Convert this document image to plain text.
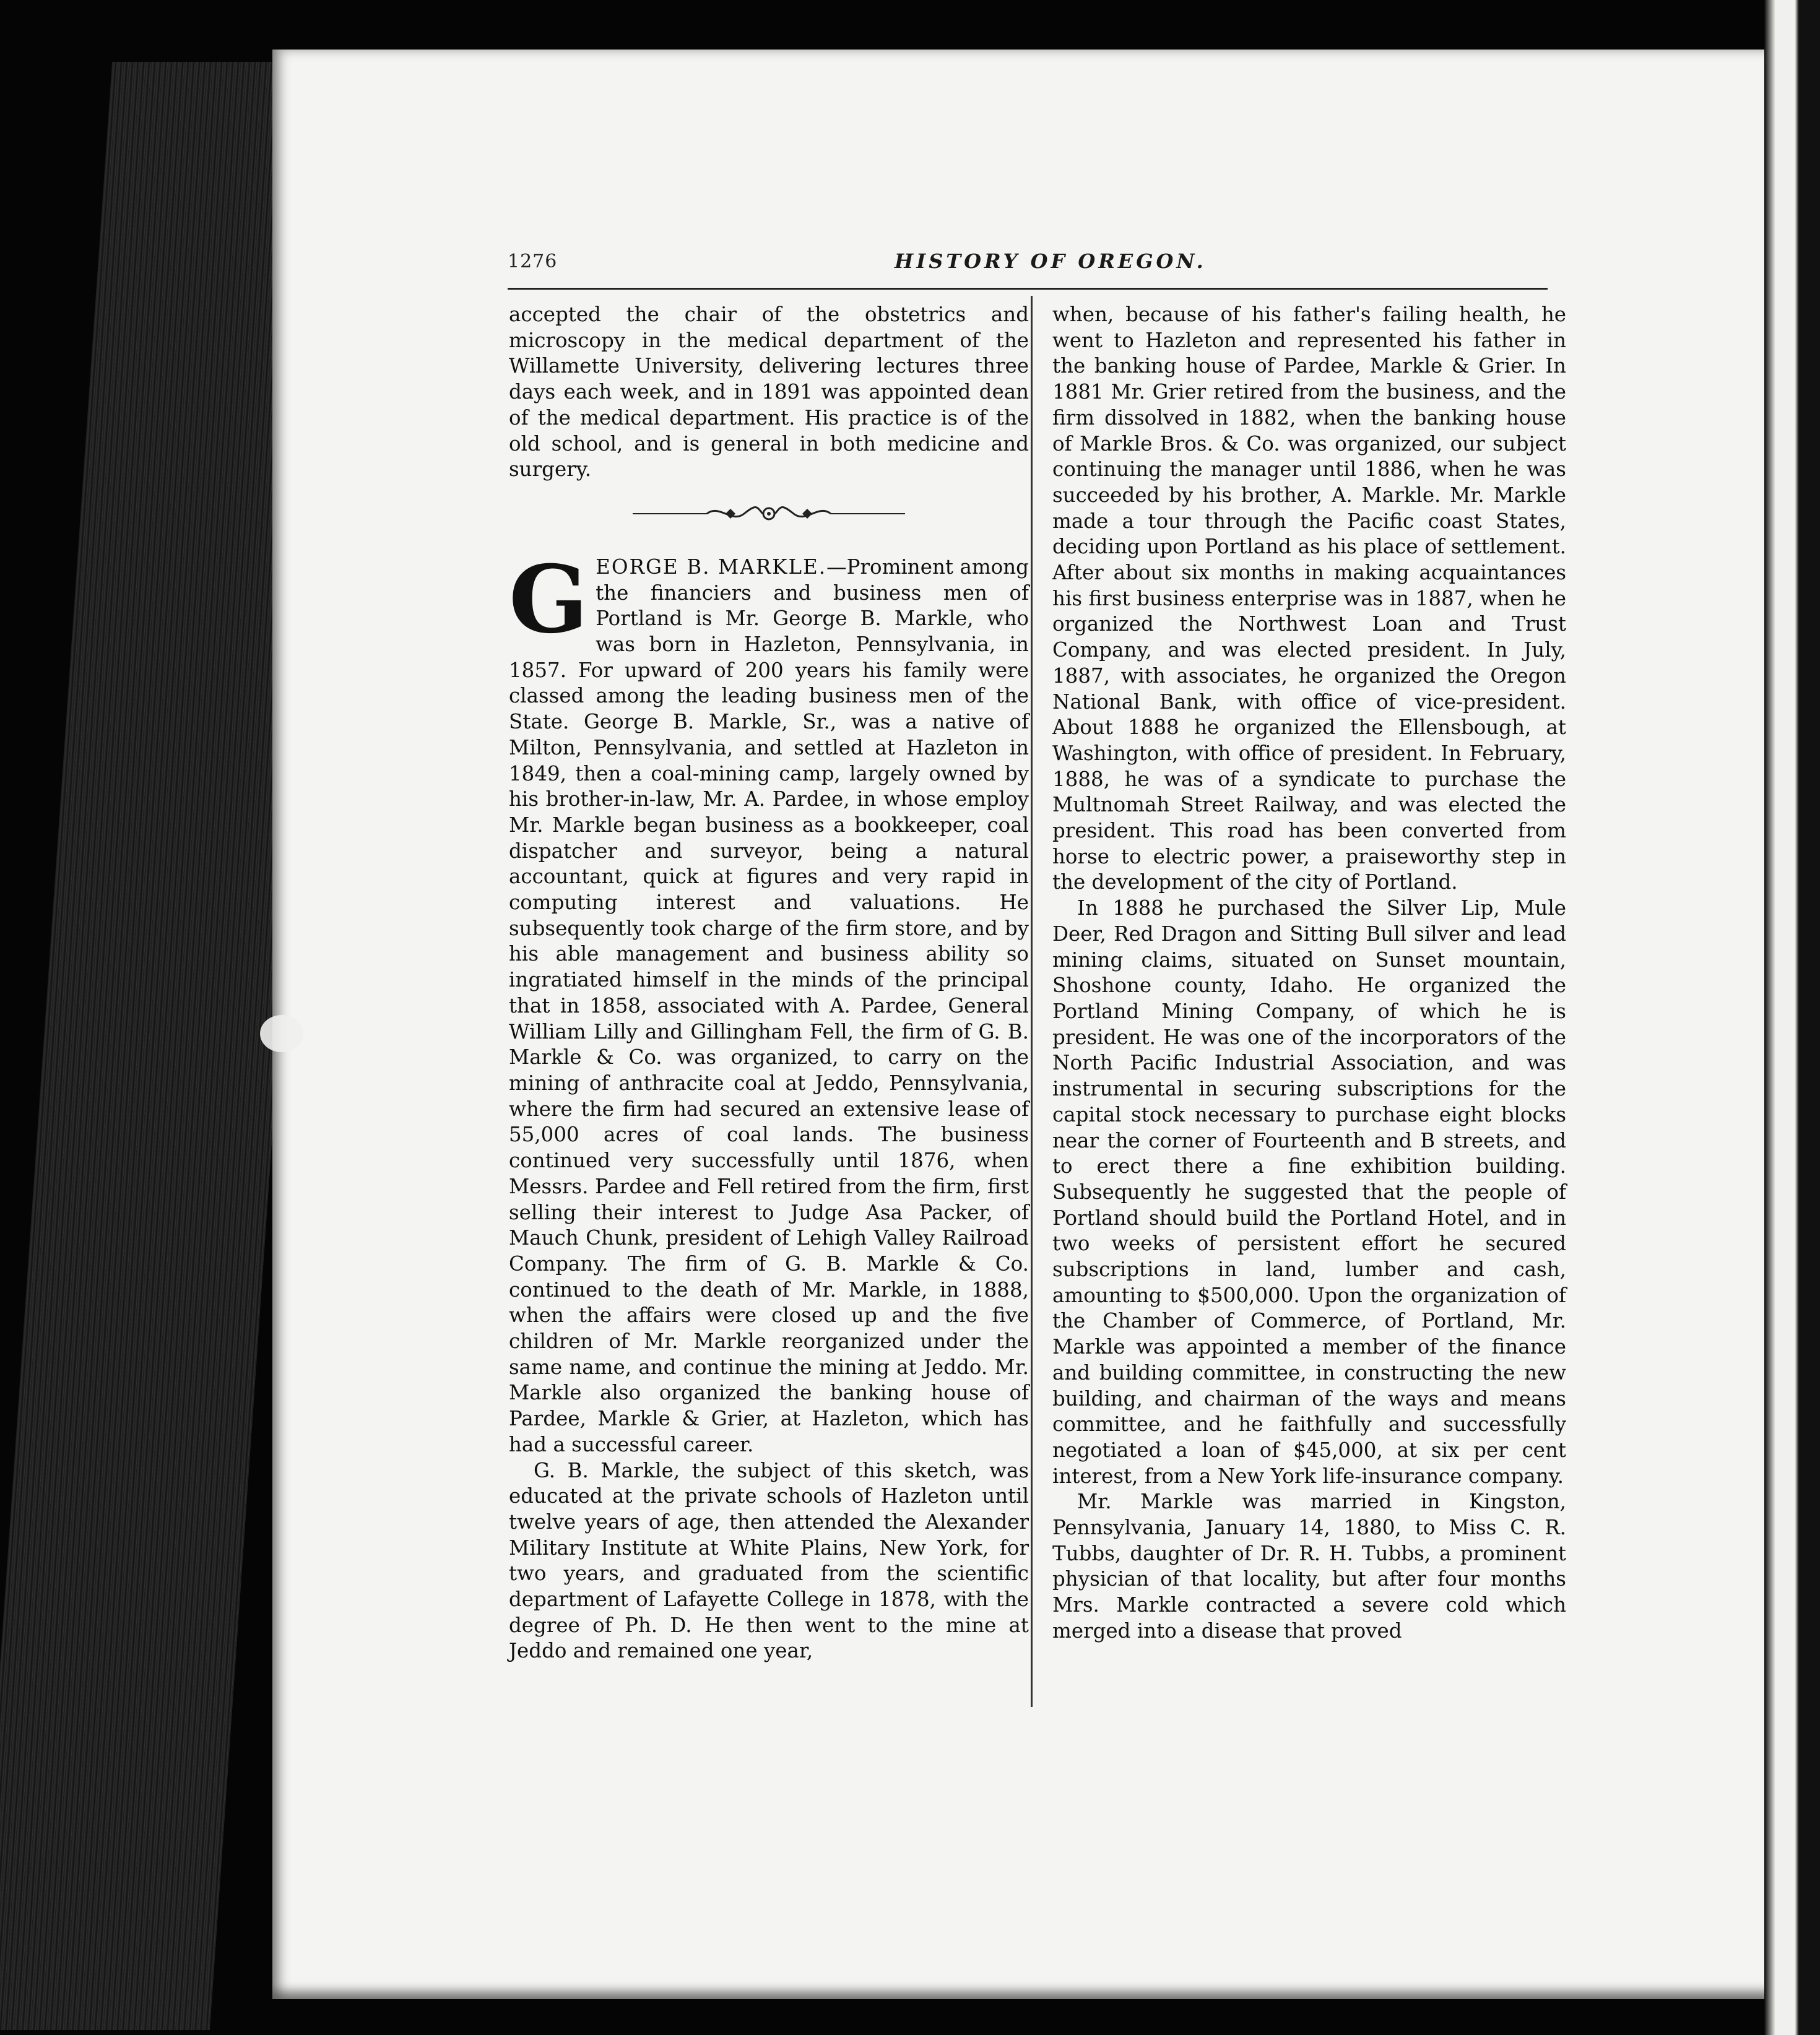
1276	HISTORY OF OREGON.

accepted the chair of the obstetrics and microscopy in the medical department of the Willamette University, delivering lectures three days each week, and in 1891 was appointed dean of the medical department. His practice is of the old school, and is general in both medicine and surgery.

GEORGE B. MARKLE.—Prominent among the financiers and business men of Portland is Mr. George B. Markle, who was born in Hazleton, Pennsylvania, in 1857. For upward of 200 years his family were classed among the leading business men of the State. George B. Markle, Sr., was a native of Milton, Pennsylvania, and settled at Hazleton in 1849, then a coal-mining camp, largely owned by his brother-in-law, Mr. A. Pardee, in whose employ Mr. Markle began business as a bookkeeper, coal dispatcher and surveyor, being a natural accountant, quick at figures and very rapid in computing interest and valuations. He subsequently took charge of the firm store, and by his able management and business ability so ingratiated himself in the minds of the principal that in 1858, associated with A. Pardee, General William Lilly and Gillingham Fell, the firm of G. B. Markle & Co. was organized, to carry on the mining of anthracite coal at Jeddo, Pennsylvania, where the firm had secured an extensive lease of 55,000 acres of coal lands. The business continued very successfully until 1876, when Messrs. Pardee and Fell retired from the firm, first selling their interest to Judge Asa Packer, of Mauch Chunk, president of Lehigh Valley Railroad Company. The firm of G. B. Markle & Co. continued to the death of Mr. Markle, in 1888, when the affairs were closed up and the five children of Mr. Markle reorganized under the same name, and continue the mining at Jeddo. Mr. Markle also organized the banking house of Pardee, Markle & Grier, at Hazleton, which has had a successful career.

G. B. Markle, the subject of this sketch, was educated at the private schools of Hazleton until twelve years of age, then attended the Alexander Military Institute at White Plains, New York, for two years, and graduated from the scientific department of Lafayette College in 1878, with the degree of Ph. D. He then went to the mine at Jeddo and remained one year,

when, because of his father's failing health, he went to Hazleton and represented his father in the banking house of Pardee, Markle & Grier. In 1881 Mr. Grier retired from the business, and the firm dissolved in 1882, when the banking house of Markle Bros. & Co. was organized, our subject continuing the manager until 1886, when he was succeeded by his brother, A. Markle. Mr. Markle made a tour through the Pacific coast States, deciding upon Portland as his place of settlement. After about six months in making acquaintances his first business enterprise was in 1887, when he organized the Northwest Loan and Trust Company, and was elected president. In July, 1887, with associates, he organized the Oregon National Bank, with office of vice-president. About 1888 he organized the Ellensbough, at Washington, with office of president. In February, 1888, he was of a syndicate to purchase the Multnomah Street Railway, and was elected the president. This road has been converted from horse to electric power, a praiseworthy step in the development of the city of Portland.

In 1888 he purchased the Silver Lip, Mule Deer, Red Dragon and Sitting Bull silver and lead mining claims, situated on Sunset mountain, Shoshone county, Idaho. He organized the Portland Mining Company, of which he is president. He was one of the incorporators of the North Pacific Industrial Association, and was instrumental in securing subscriptions for the capital stock necessary to purchase eight blocks near the corner of Fourteenth and B streets, and to erect there a fine exhibition building. Subsequently he suggested that the people of Portland should build the Portland Hotel, and in two weeks of persistent effort he secured subscriptions in land, lumber and cash, amounting to $500,000. Upon the organization of the Chamber of Commerce, of Portland, Mr. Markle was appointed a member of the finance and building committee, in constructing the new building, and chairman of the ways and means committee, and he faithfully and successfully negotiated a loan of $45,000, at six per cent interest, from a New York life-insurance company.

Mr. Markle was married in Kingston, Pennsylvania, January 14, 1880, to Miss C. R. Tubbs, daughter of Dr. R. H. Tubbs, a prominent physician of that locality, but after four months Mrs. Markle contracted a severe cold which merged into a disease that proved
